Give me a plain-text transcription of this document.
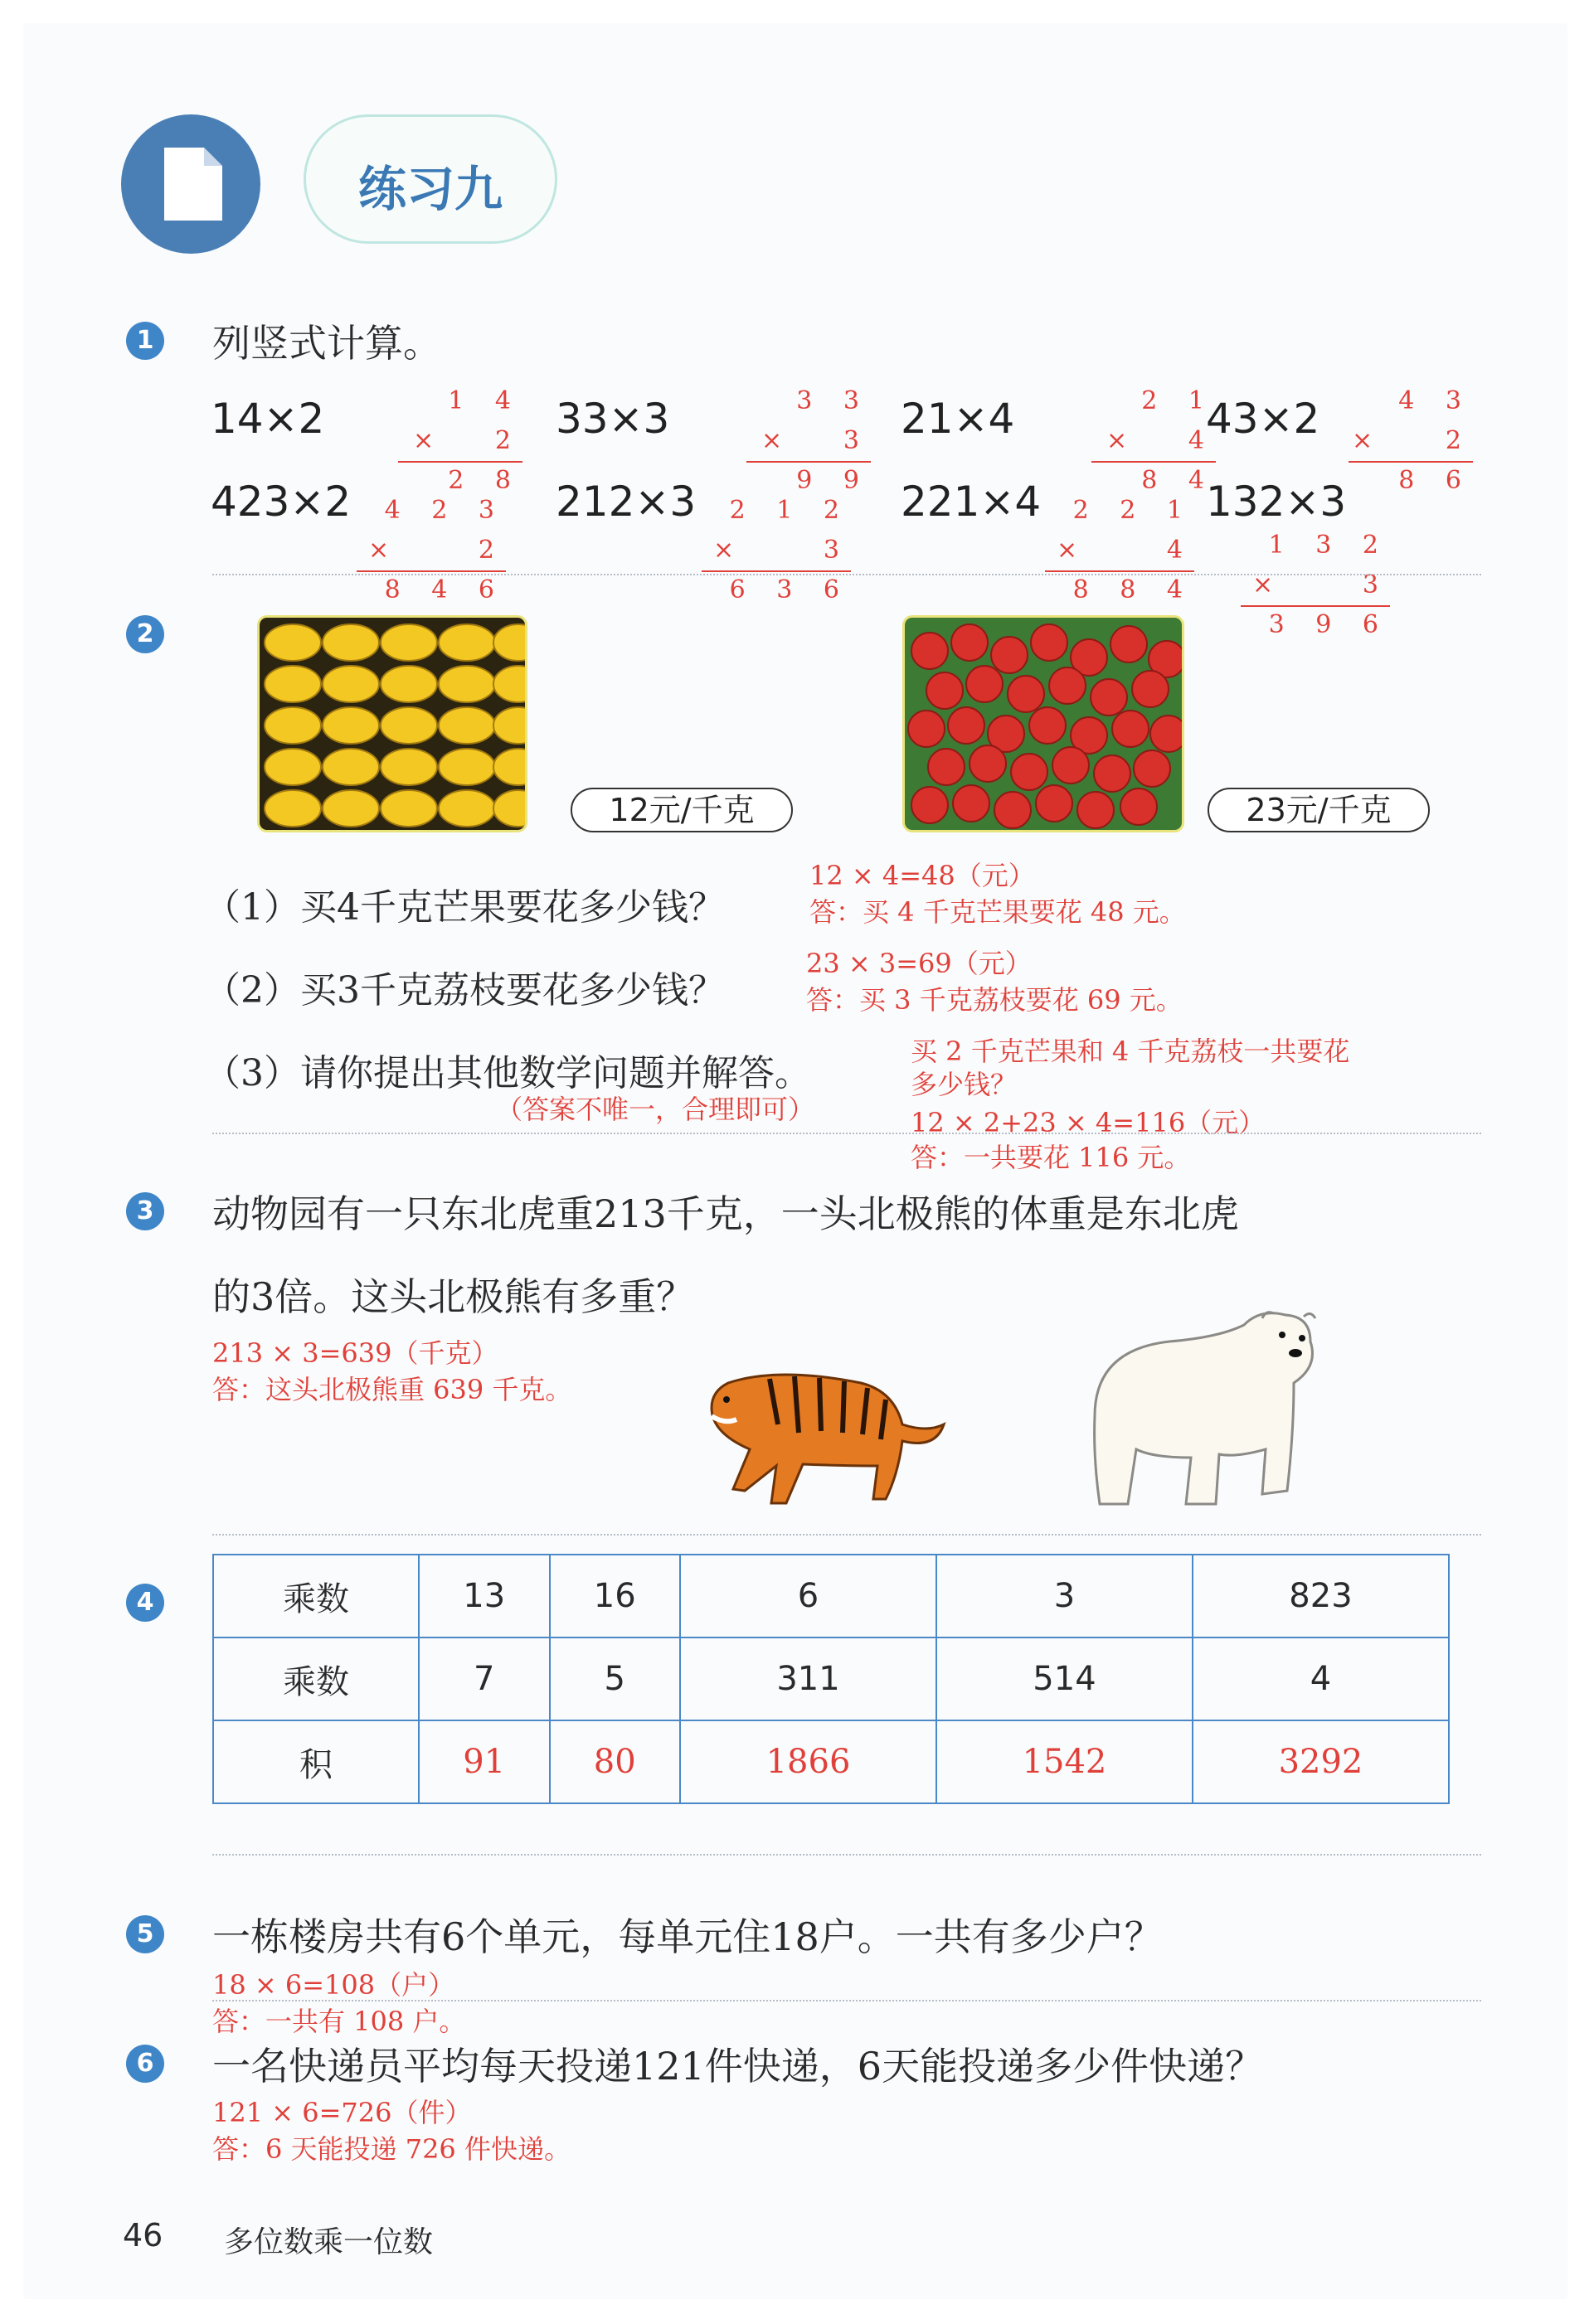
练习九
1 列竖式计算。
14×2	33×3	21×4	43×2
1 4
× 2
2 8
3 3
× 3
9 9
2 1
× 4
8 4
4 3
×	2
8 6
423×2	212×3	221×4	132×3
4 2 3
×	2
8 4 6
2 1 2
×	3
6 3 6
2 2 1
×	4
8 8 4
1 3 2
×	3
3 9 6
2
12元/千克	23元/千克
（1）买4千克芒果要花多少钱？
12 × 4=48（元）
答：买 4 千克芒果要花 48 元。
（2）买3千克荔枝要花多少钱？
23 × 3=69（元）
答：买 3 千克荔枝要花 69 元。
（3）请你提出其他数学问题并解答。
（答案不唯一，合理即可）
买 2 千克芒果和 4 千克荔枝一共要花
多少钱？
12 × 2+23 × 4=116（元）
答：一共要花 116 元。
3 动物园有一只东北虎重213千克，一头北极熊的体重是东北虎
的3倍。这头北极熊有多重？
213 × 3=639（千克）
答：这头北极熊重 639 千克。
4	乘数	13	16	6	3	823
乘数	7	5	311	514	4
积	91	80	1866	1542	3292
5 一栋楼房共有6个单元，每单元住18户。一共有多少户？
18 × 6=108（户）
答：一共有 108 户。
6 一名快递员平均每天投递121件快递，6天能投递多少件快递？
121 × 6=726（件）
答：6 天能投递 726 件快递。
46 多位数乘一位数
